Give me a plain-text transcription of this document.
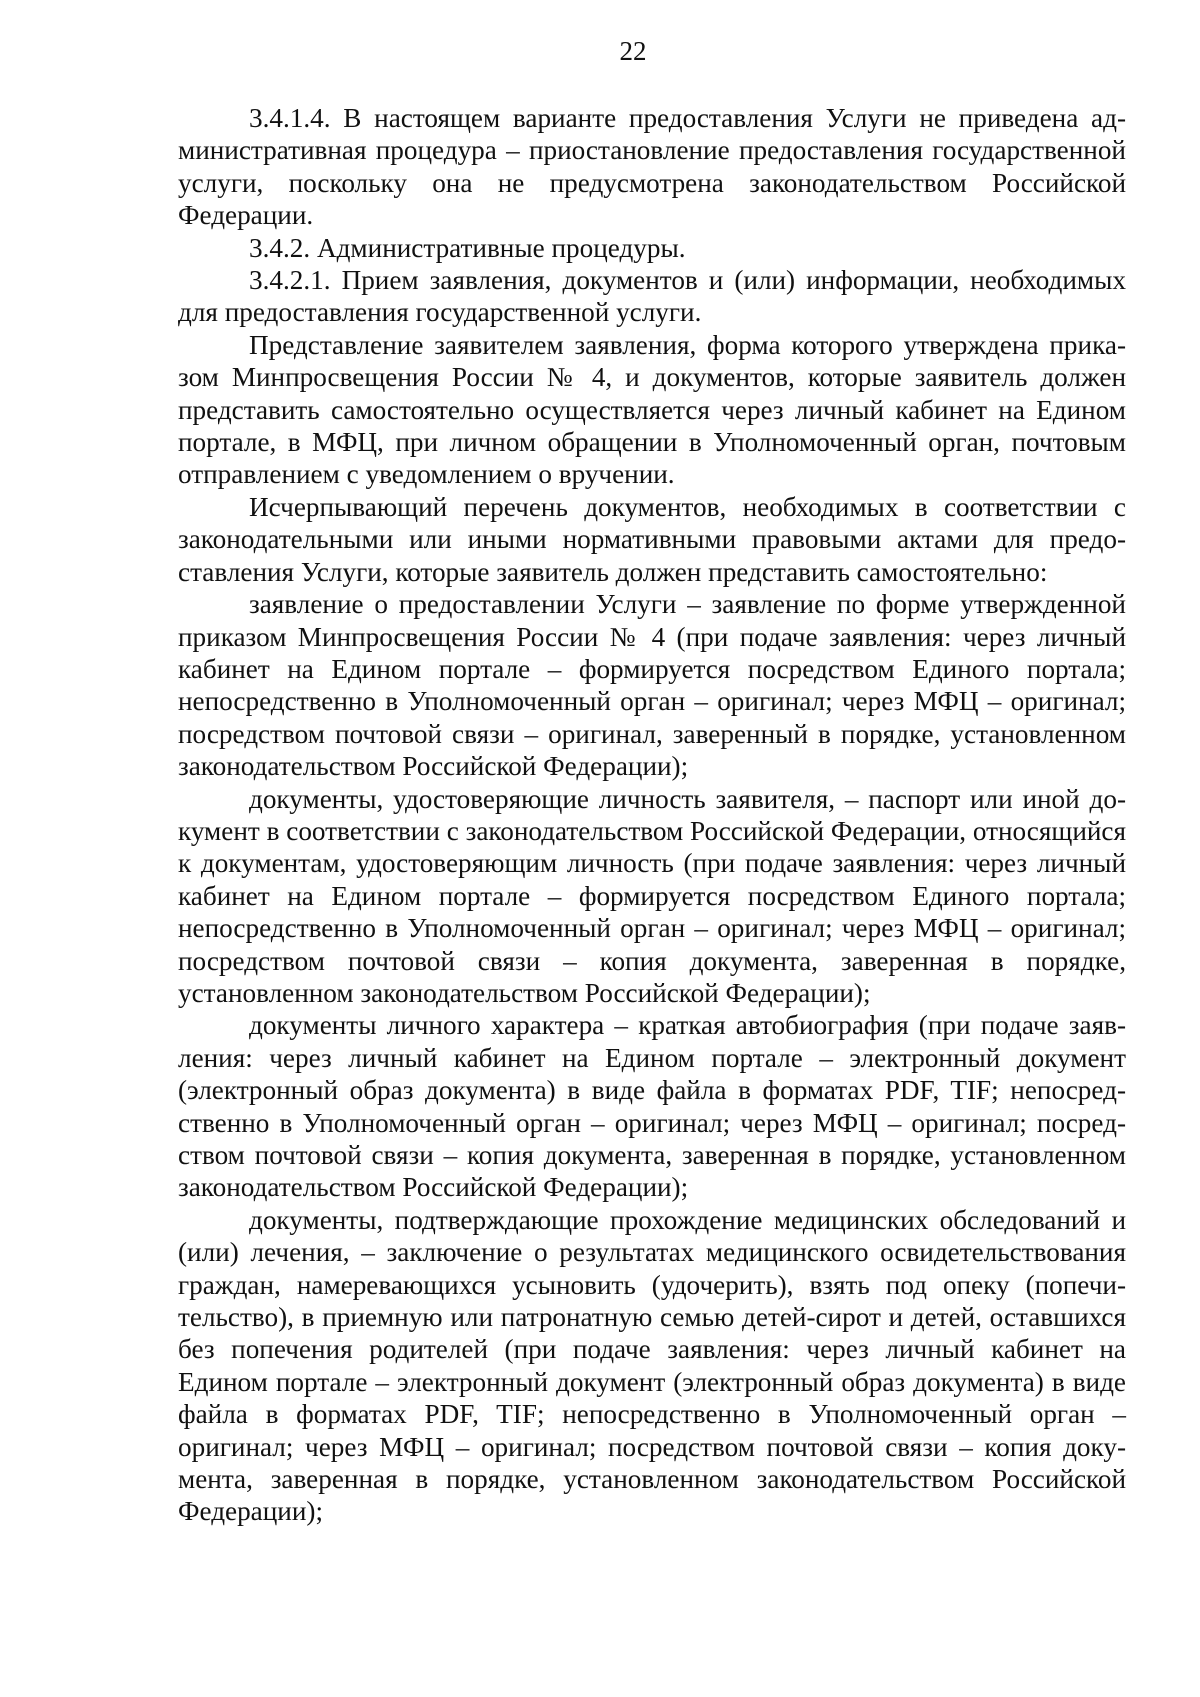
22

3.4.1.4. В настоящем варианте предоставления Услуги не приведена административная процедура – приостановление предоставления государственной услуги, поскольку она не предусмотрена законодательством Российской Федерации.

3.4.2. Административные процедуры.

3.4.2.1. Прием заявления, документов и (или) информации, необходимых для предоставления государственной услуги.

Представление заявителем заявления, форма которого утверждена приказом Минпросвещения России № 4, и документов, которые заявитель должен представить самостоятельно осуществляется через личный кабинет на Едином портале, в МФЦ, при личном обращении в Уполномоченный орган, почтовым отправлением с уведомлением о вручении.

Исчерпывающий перечень документов, необходимых в соответствии с законодательными или иными нормативными правовыми актами для предоставления Услуги, которые заявитель должен представить самостоятельно:

заявление о предоставлении Услуги – заявление по форме утвержденной приказом Минпросвещения России № 4 (при подаче заявления: через личный кабинет на Едином портале – формируется посредством Единого портала; непосредственно в Уполномоченный орган – оригинал; через МФЦ – оригинал; посредством почтовой связи – оригинал, заверенный в порядке, установленном законодательством Российской Федерации);

документы, удостоверяющие личность заявителя, – паспорт или иной документ в соответствии с законодательством Российской Федерации, относящийся к документам, удостоверяющим личность (при подаче заявления: через личный кабинет на Едином портале – формируется посредством Единого портала; непосредственно в Уполномоченный орган – оригинал; через МФЦ – оригинал; посредством почтовой связи – копия документа, заверенная в порядке, установленном законодательством Российской Федерации);

документы личного характера – краткая автобиография (при подаче заявления: через личный кабинет на Едином портале – электронный документ (электронный образ документа) в виде файла в форматах PDF, TIF; непосредственно в Уполномоченный орган – оригинал; через МФЦ – оригинал; посредством почтовой связи – копия документа, заверенная в порядке, установленном законодательством Российской Федерации);

документы, подтверждающие прохождение медицинских обследований и (или) лечения, – заключение о результатах медицинского освидетельствования граждан, намеревающихся усыновить (удочерить), взять под опеку (попечительство), в приемную или патронатную семью детей-сирот и детей, оставшихся без попечения родителей (при подаче заявления: через личный кабинет на Едином портале – электронный документ (электронный образ документа) в виде файла в форматах PDF, TIF; непосредственно в Уполномоченный орган – оригинал; через МФЦ – оригинал; посредством почтовой связи – копия документа, заверенная в порядке, установленном законодательством Российской Федерации);
